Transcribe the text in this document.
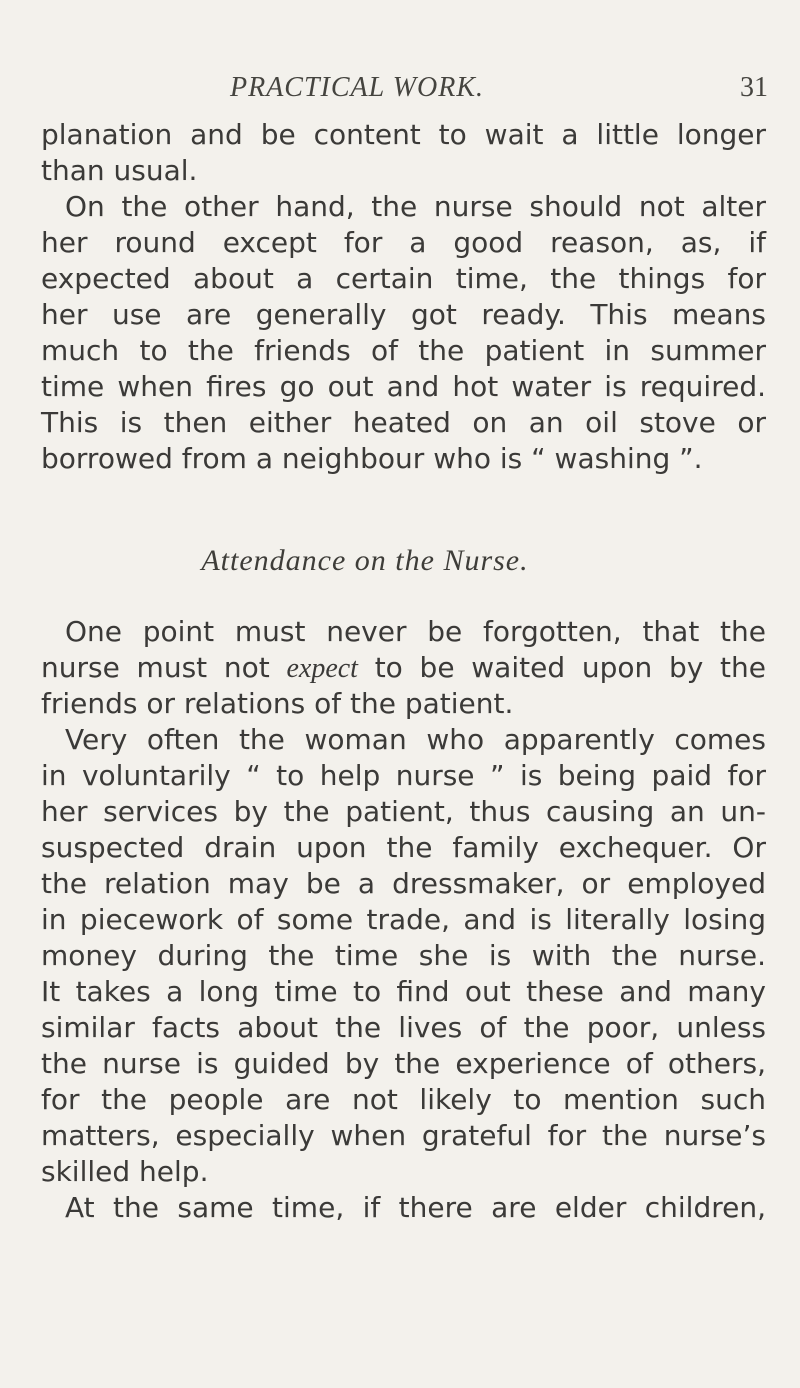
PRACTICAL WORK.	31
planation and be content to wait a little longer
than usual.
On the other hand, the nurse should not alter
her round except for a good reason, as, if
expected about a certain time, the things for
her use are generally got ready. This means
much to the friends of the patient in summer
time when fires go out and hot water is required.
This is then either heated on an oil stove or
borrowed from a neighbour who is “ washing ”.
Attendance on the Nurse.
One point must never be forgotten, that the
nurse must not expect to be waited upon by the
friends or relations of the patient.
Very often the woman who apparently comes
in voluntarily “ to help nurse ” is being paid for
her services by the patient, thus causing an un-
suspected drain upon the family exchequer. Or
the relation may be a dressmaker, or employed
in piecework of some trade, and is literally losing
money during the time she is with the nurse.
It takes a long time to find out these and many
similar facts about the lives of the poor, unless
the nurse is guided by the experience of others,
for the people are not likely to mention such
matters, especially when grateful for the nurse’s
skilled help.
At the same time, if there are elder children,
